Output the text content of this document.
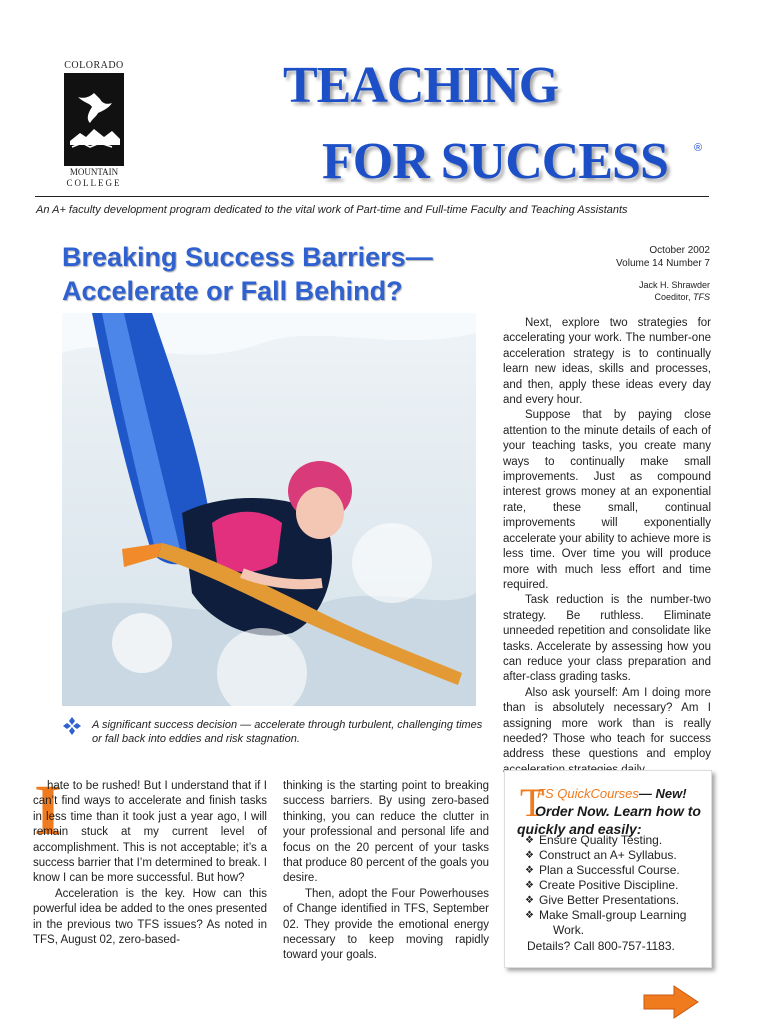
COLORADO
MOUNTAIN
COLLEGE
TEACHING
FOR SUCCESS ®
An A+ faculty development program dedicated to the vital work of Part-time and Full-time Faculty and Teaching Assistants
Breaking Success Barriers—
Accelerate or Fall Behind?
October 2002
Volume 14 Number 7
Jack H. Shrawder
Coeditor, TFS
A significant success decision — accelerate through turbulent, challenging times or fall back into eddies and risk stagnation.

Next, explore two strategies for accelerating your work. The number-one acceleration strategy is to continually learn new ideas, skills and processes, and then, apply these ideas every day and every hour.

Suppose that by paying close attention to the minute details of each of your teaching tasks, you create many ways to continually make small improvements. Just as compound interest grows money at an exponential rate, these small, continual improvements will exponentially accelerate your ability to achieve more is less time. Over time you will produce more with much less effort and time required.

Task reduction is the number-two strategy. Be ruthless. Eliminate unneeded repetition and consolidate like tasks. Accelerate by assessing how you can reduce your class preparation and after-class grading tasks.

Also ask yourself: Am I doing more than is absolutely necessary? Am I assigning more work than is really needed? Those who teach for success address these questions and employ

I

hate to be rushed! But I understand that if I can’t find ways to accelerate and finish tasks in less time than it took just a year ago, I will remain stuck at my current level of accomplishment. This is not acceptable; it’s a success barrier that I’m determined to break. I know I can be more successful. But how?

Acceleration is the key. How can this powerful idea be added to the ones presented in the previous two TFS issues? As noted in TFS, August 02, zero-based-

thinking is the starting point to breaking success barriers. By using zero-based thinking, you can reduce the clutter in your professional and personal life and focus on the 20 percent of your tasks that produce 80 percent of the goals you desire.

Then, adopt the Four Powerhouses of Change identified in TFS, September 02. They provide the emotional energy necessary to keep moving rapidly toward your goals.

T
FS QuickCourses— New!
Order Now. Learn how to
quickly and easily:
❖ Ensure Quality Testing.
❖ Construct an A+ Syllabus.
❖ Plan a Successful Course.
❖ Create Positive Discipline.
❖ Give Better Presentations.
❖ Make Small-group Learning
Work.
Details? Call 800-757-1183.
